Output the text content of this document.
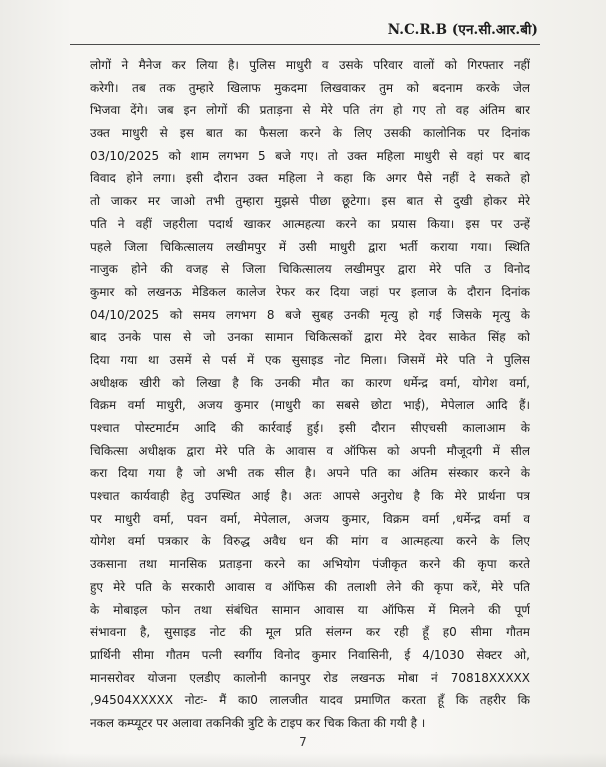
N.C.R.B (एन.सी.आर.बी)
लोगों ने मैनेज कर लिया है। पुलिस माधुरी व उसके परिवार वालों को गिरफ्तार नहीं
करेगी। तब तक तुम्हारे खिलाफ मुकदमा लिखवाकर तुम को बदनाम करके जेल
भिजवा देंगे। जब इन लोगों की प्रताड़ना से मेरे पति तंग हो गए तो वह अंतिम बार
उक्त माधुरी से इस बात का फैसला करने के लिए उसकी कालोनिक पर दिनांक
03/10/2025 को शाम लगभग 5 बजे गए। तो उक्त महिला माधुरी से वहां पर बाद
विवाद होने लगा। इसी दौरान उक्त महिला ने कहा कि अगर पैसे नहीं दे सकते हो
तो जाकर मर जाओ तभी तुम्हारा मुझसे पीछा छूटेगा। इस बात से दुखी होकर मेरे
पति ने वहीं जहरीला पदार्थ खाकर आत्महत्या करने का प्रयास किया। इस पर उन्हें
पहले जिला चिकित्सालय लखीमपुर में उसी माधुरी द्वारा भर्ती कराया गया। स्थिति
नाजुक होने की वजह से जिला चिकित्सालय लखीमपुर द्वारा मेरे पति उ विनोद
कुमार को लखनऊ मेडिकल कालेज रेफर कर दिया जहां पर इलाज के दौरान दिनांक
04/10/2025 को समय लगभग 8 बजे सुबह उनकी मृत्यु हो गई जिसके मृत्यु के
बाद उनके पास से जो उनका सामान चिकित्सकों द्वारा मेरे देवर साकेत सिंह को
दिया गया था उसमें से पर्स में एक सुसाइड नोट मिला। जिसमें मेरे पति ने पुलिस
अधीक्षक खीरी को लिखा है कि उनकी मौत का कारण धर्मेन्द्र वर्मा, योगेश वर्मा,
विक्रम वर्मा माधुरी, अजय कुमार (माधुरी का सबसे छोटा भाई), मेपेलाल आदि हैं।
पश्चात पोस्टमार्टम आदि की कार्रवाई हुई। इसी दौरान सीएचसी कालाआम के
चिकित्सा अधीक्षक द्वारा मेरे पति के आवास व ऑफिस को अपनी मौजूदगी में सील
करा दिया गया है जो अभी तक सील है। अपने पति का अंतिम संस्कार करने के
पश्चात कार्यवाही हेतु उपस्थित आई है। अतः आपसे अनुरोध है कि मेरे प्रार्थना पत्र
पर माधुरी वर्मा, पवन वर्मा, मेपेलाल, अजय कुमार, विक्रम वर्मा ,धर्मेन्द्र वर्मा व
योगेश वर्मा पत्रकार के विरुद्ध अवैध धन की मांग व आत्महत्या करने के लिए
उकसाना तथा मानसिक प्रताड़ना करने का अभियोग पंजीकृत करने की कृपा करते
हुए मेरे पति के सरकारी आवास व ऑफिस की तलाशी लेने की कृपा करें, मेरे पति
के मोबाइल फोन तथा संबंधित सामान आवास या ऑफिस में मिलने की पूर्ण
संभावना है, सुसाइड नोट की मूल प्रति संलग्न कर रही हूँ ह0 सीमा गौतम
प्रार्थिनी सीमा गौतम पत्नी स्वर्गीय विनोद कुमार निवासिनी, ई 4/1030 सेक्टर ओ,
मानसरोवर योजना एलडीए कालोनी कानपुर रोड लखनऊ मोबा नं 70818XXXXX
,94504XXXXX नोटः- मैं का0 लालजीत यादव प्रमाणित करता हूँ कि तहरीर कि
नकल कम्प्यूटर पर अलावा तकनिकी त्रुटि के टाइप कर चिक किता की गयी है ।
7
